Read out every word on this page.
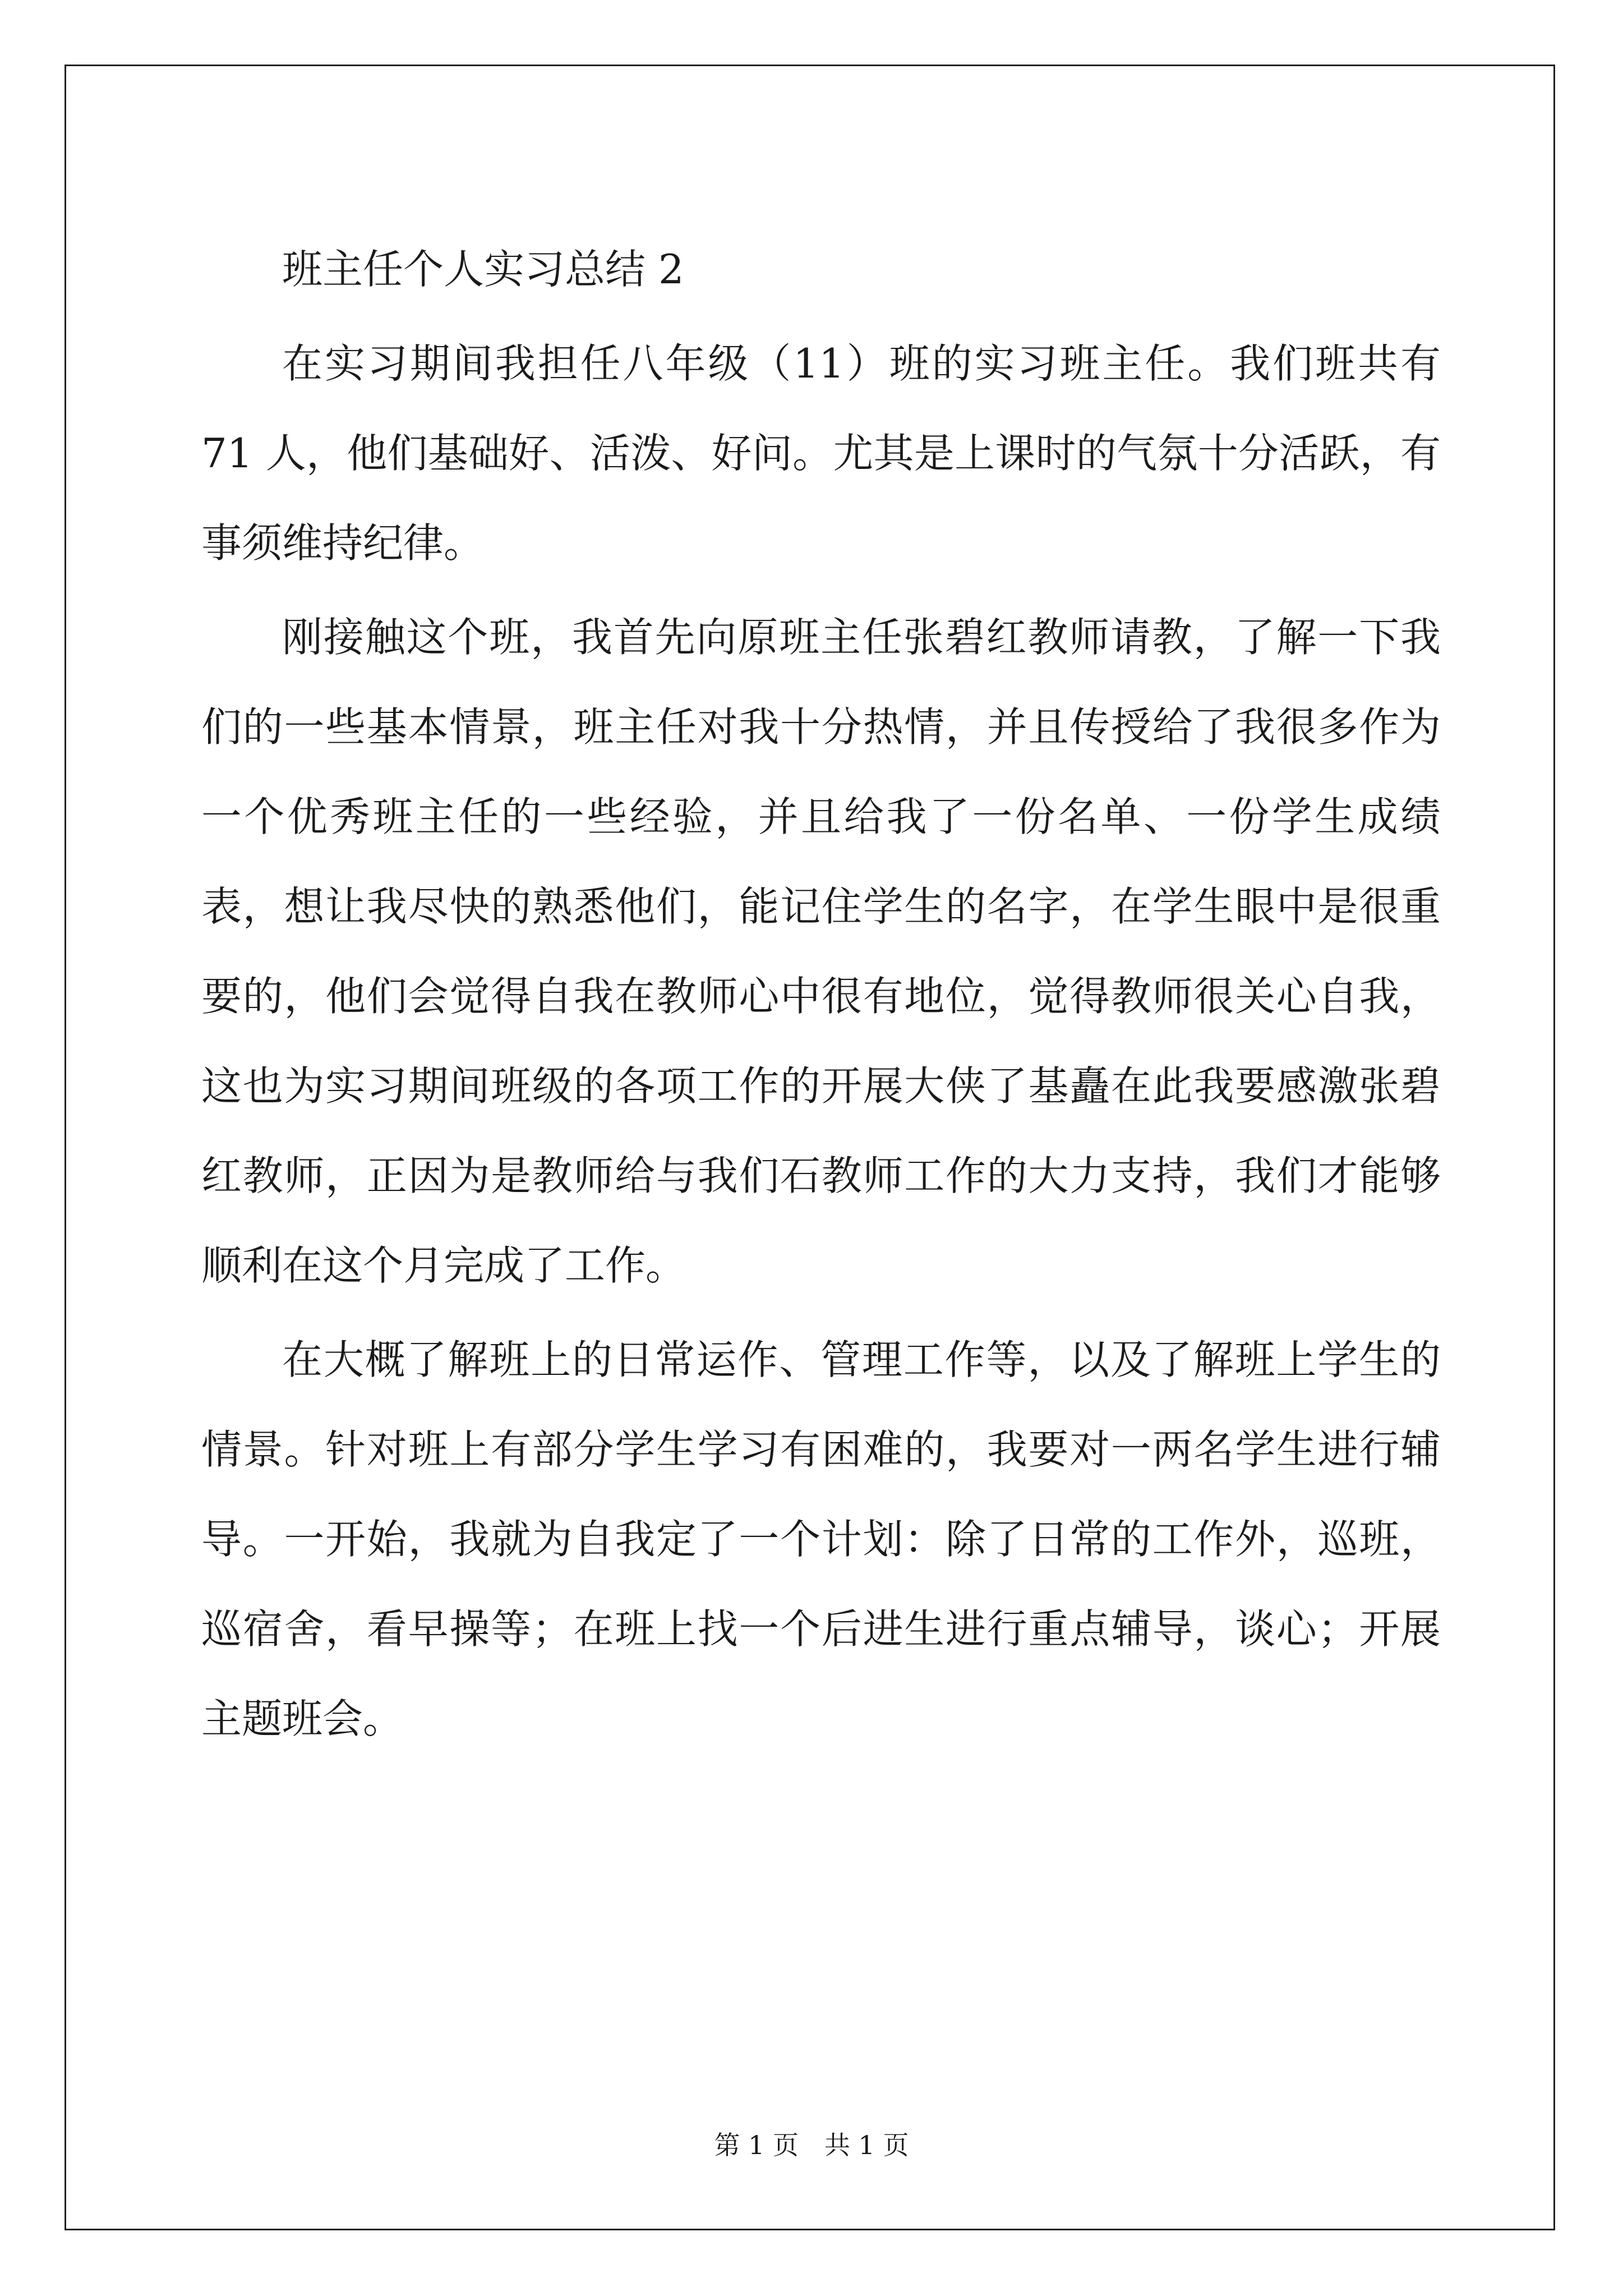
班主任个人实习总结 2

在实习期间我担任八年级（11）班的实习班主任。我们班共有 71 人，他们基础好、活泼、好问。尤其是上课时的气氛十分活跃，有事须维持纪律。

刚接触这个班，我首先向原班主任张碧红教师请教，了解一下我们的一些基本情景，班主任对我十分热情，并且传授给了我很多作为一个优秀班主任的一些经验，并且给我了一份名单、一份学生成绩表，想让我尽快的熟悉他们，能记住学生的名字，在学生眼中是很重要的，他们会觉得自我在教师心中很有地位，觉得教师很关心自我，这也为实习期间班级的各项工作的开展大侠了基矗在此我要感激张碧红教师，正因为是教师给与我们石教师工作的大力支持，我们才能够顺利在这个月完成了工作。

在大概了解班上的日常运作、管理工作等，以及了解班上学生的情景。针对班上有部分学生学习有困难的，我要对一两名学生进行辅导。一开始，我就为自我定了一个计划：除了日常的工作外，巡班，巡宿舍，看早操等；在班上找一个后进生进行重点辅导，谈心；开展主题班会。

第 1 页 共 1 页
